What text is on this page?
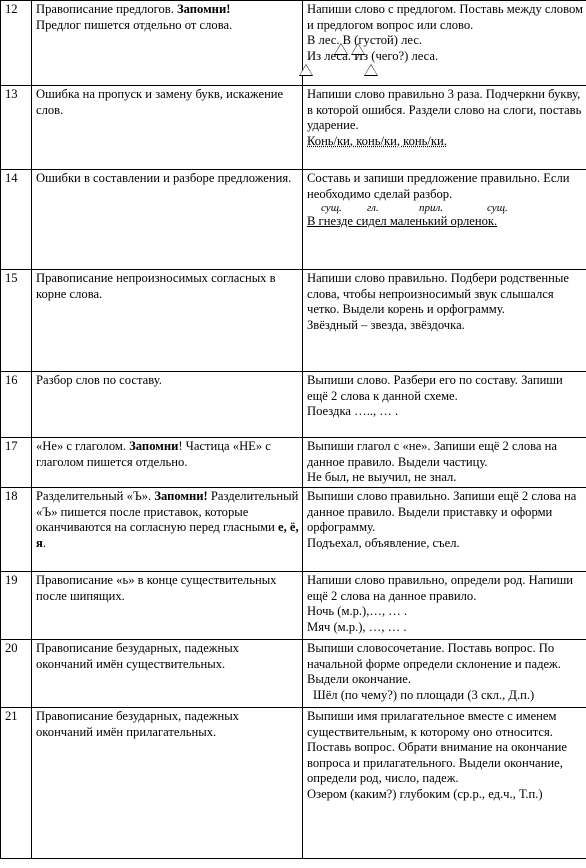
12	Правописание предлогов. Запомни!
Предлог пишется отдельно от слова.	Напиши слово с предлогом. Поставь между словом и предлогом вопрос или слово.
В лес. В (густой) лес.
Из леса. Из (чего?) леса.

13	Ошибка на пропуск и замену букв, искажение слов.	Напиши слово правильно 3 раза. Подчеркни букву, в которой ошибся. Раздели слово на слоги, поставь ударение.
Конь/ки, конь/ки, конь/ки.

14	Ошибки в составлении и разборе предложения.	Составь и запиши предложение правильно. Если необходимо сделай разбор.
сущ. гл. прил. сущ.
В гнезде сидел маленький орленок.

15	Правописание непроизносимых согласных в корне слова.	Напиши слово правильно. Подбери родственные слова, чтобы непроизносимый звук слышался четко. Выдели корень и орфограмму.
Звёздный – звезда, звёздочка.

16	Разбор слов по составу.	Выпиши слово. Разбери его по составу. Запиши ещё 2 слова к данной схеме.
Поездка ….., … .

17	«Не» с глаголом. Запомни! Частица «НЕ» с глаголом пишется отдельно.	Выпиши глагол с «не». Запиши ещё 2 слова на данное правило. Выдели частицу.
Не был, не выучил, не знал.

18	Разделительный «Ъ». Запомни! Разделительный «Ъ» пишется после приставок, которые оканчиваются на согласную перед гласными е, ё, я.	Выпиши слово правильно. Запиши ещё 2 слова на данное правило. Выдели приставку и оформи орфограмму.
Подъехал, объявление, съел.

19	Правописание «ь» в конце существительных после шипящих.	Напиши слово правильно, определи род. Напиши ещё 2 слова на данное правило.
Ночь (м.р.),…, … .
Мяч (м.р.), …, … .

20	Правописание безударных, падежных окончаний имён существительных.	Выпиши словосочетание. Поставь вопрос. По начальной форме определи склонение и падеж. Выдели окончание.
Шёл (по чему?) по площади (3 скл., Д.п.)

21	Правописание безударных, падежных окончаний имён прилагательных.	Выпиши имя прилагательное вместе с именем существительным, к которому оно относится. Поставь вопрос. Обрати внимание на окончание вопроса и прилагательного. Выдели окончание, определи род, число, падеж.
Озером (каким?) глубоким (ср.р., ед.ч., Т.п.)
